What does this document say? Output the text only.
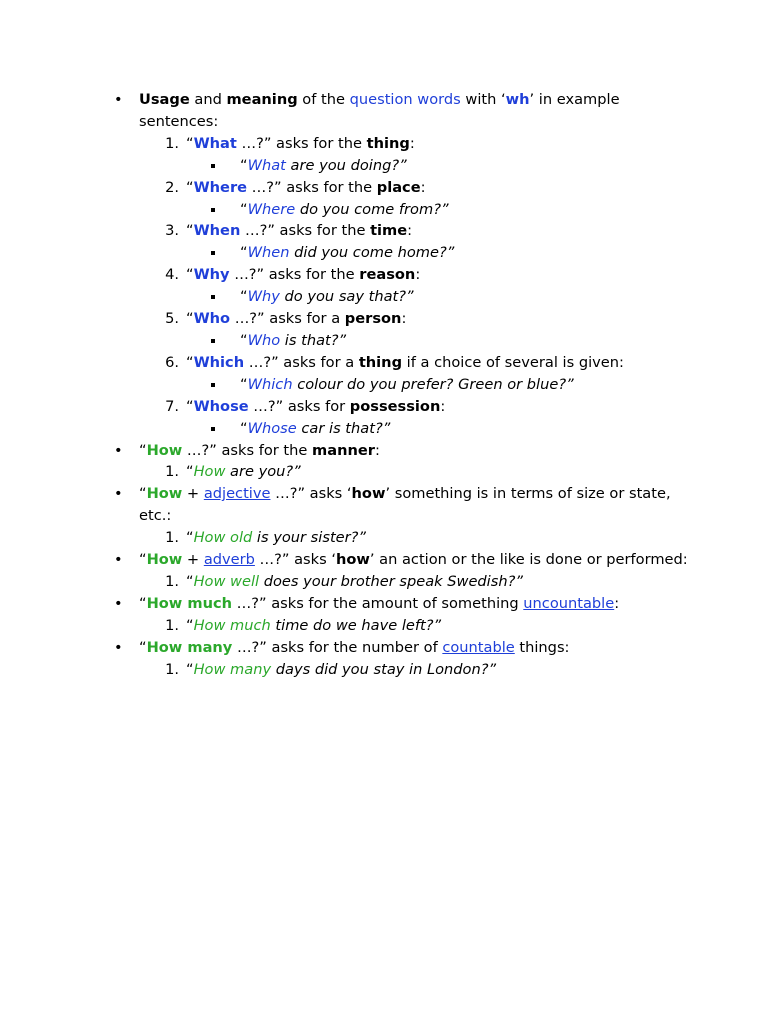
• Usage and meaning of the question words with ‘wh’ in example sentences:
1. “What …?” asks for the thing:
“What are you doing?”
2. “Where …?” asks for the place:
“Where do you come from?”
3. “When …?” asks for the time:
“When did you come home?”
4. “Why …?” asks for the reason:
“Why do you say that?”
5. “Who …?” asks for a person:
“Who is that?”
6. “Which …?” asks for a thing if a choice of several is given:
“Which colour do you prefer? Green or blue?”
7. “Whose …?” asks for possession:
“Whose car is that?”
• “How …?” asks for the manner:
1. “How are you?”
• “How + adjective …?” asks ‘how’ something is in terms of size or state, etc.:
1. “How old is your sister?”
• “How + adverb …?” asks ‘how’ an action or the like is done or performed:
1. “How well does your brother speak Swedish?”
• “How much …?” asks for the amount of something uncountable:
1. “How much time do we have left?”
• “How many …?” asks for the number of countable things:
1. “How many days did you stay in London?”
